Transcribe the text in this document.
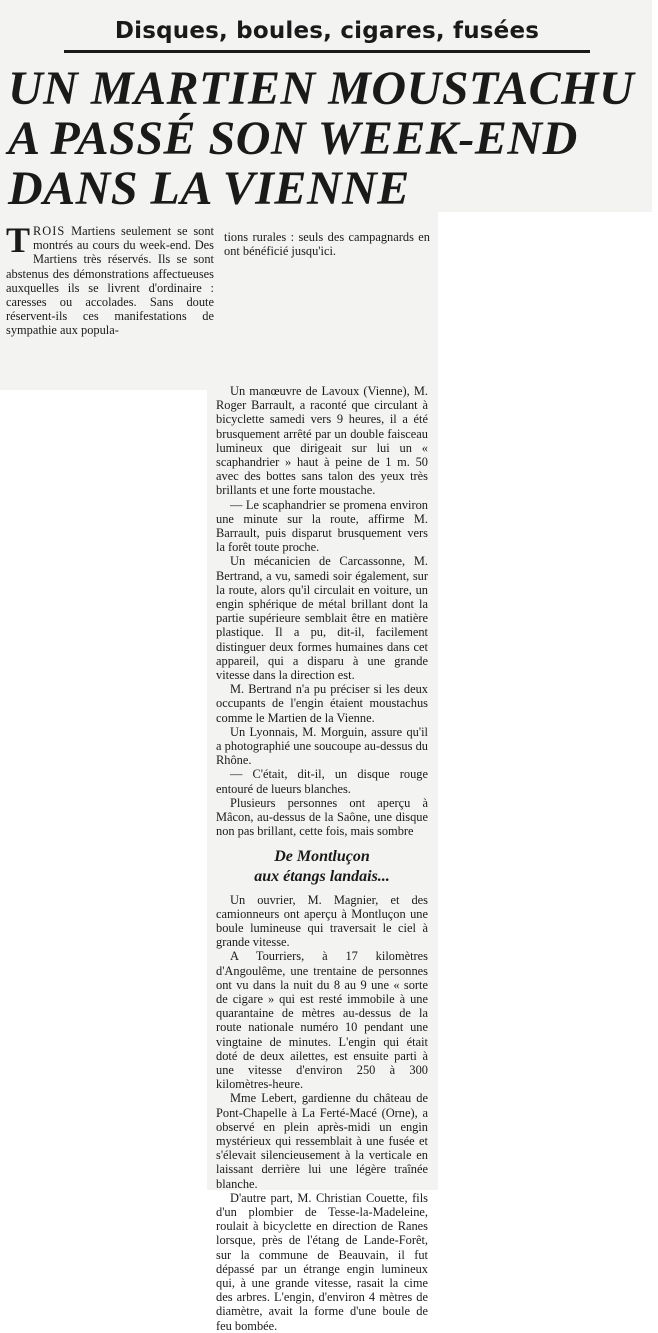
Disques, boules, cigares, fusées
UN MARTIEN MOUSTACHU
A PASSÉ SON WEEK-END
DANS LA VIENNE

TROIS Martiens seulement se sont montrés au cours du week-end. Des Martiens très réservés. Ils se sont abstenus des démonstrations affectueuses auxquelles ils se livrent d'ordinaire : caresses ou accolades. Sans doute réservent-ils ces manifestations de sympathie aux popula-

tions rurales : seuls des campagnards en ont bénéficié jusqu'ici.

Un manœuvre de Lavoux (Vienne), M. Roger Barrault, a raconté que circulant à bicyclette samedi vers 9 heures, il a été brusquement arrêté par un double faisceau lumineux que dirigeait sur lui un « scaphandrier » haut à peine de 1 m. 50 avec des bottes sans talon des yeux très brillants et une forte moustache.

— Le scaphandrier se promena environ une minute sur la route, affirme M. Barrault, puis disparut brusquement vers la forêt toute proche.

Un mécanicien de Carcassonne, M. Bertrand, a vu, samedi soir également, sur la route, alors qu'il circulait en voiture, un engin sphérique de métal brillant dont la partie supérieure semblait être en matière plastique. Il a pu, dit-il, facilement distinguer deux formes humaines dans cet appareil, qui a disparu à une grande vitesse dans la direction est.

M. Bertrand n'a pu préciser si les deux occupants de l'engin étaient moustachus comme le Martien de la Vienne.

Un Lyonnais, M. Morguin, assure qu'il a photographié une soucoupe au-dessus du Rhône.

— C'était, dit-il, un disque rouge entouré de lueurs blanches.

Plusieurs personnes ont aperçu à Mâcon, au-dessus de la Saône, une disque non pas brillant, cette fois, mais sombre

De Montluçon
aux étangs landais...

Un ouvrier, M. Magnier, et des camionneurs ont aperçu à Montluçon une boule lumineuse qui traversait le ciel à grande vitesse.

A Tourriers, à 17 kilomètres d'Angoulême, une trentaine de personnes ont vu dans la nuit du 8 au 9 une « sorte de cigare » qui est resté immobile à une quarantaine de mètres au-dessus de la route nationale numéro 10 pendant une vingtaine de minutes. L'engin qui était doté de deux ailettes, est ensuite parti à une vitesse d'environ 250 à 300 kilomètres-heure.

Mme Lebert, gardienne du château de Pont-Chapelle à La Ferté-Macé (Orne), a observé en plein après-midi un engin mystérieux qui ressemblait à une fusée et s'élevait silencieusement à la verticale en laissant derrière lui une légère traînée blanche.

D'autre part, M. Christian Couette, fils d'un plombier de Tesse-la-Madeleine, roulait à bicyclette en direction de Ranes lorsque, près de l'étang de Lande-Forêt, sur la commune de Beauvain, il fut dépassé par un étrange engin lumineux qui, à une grande vitesse, rasait la cime des arbres. L'engin, d'environ 4 mètres de diamètre, avait la forme d'une boule de feu bombée.
